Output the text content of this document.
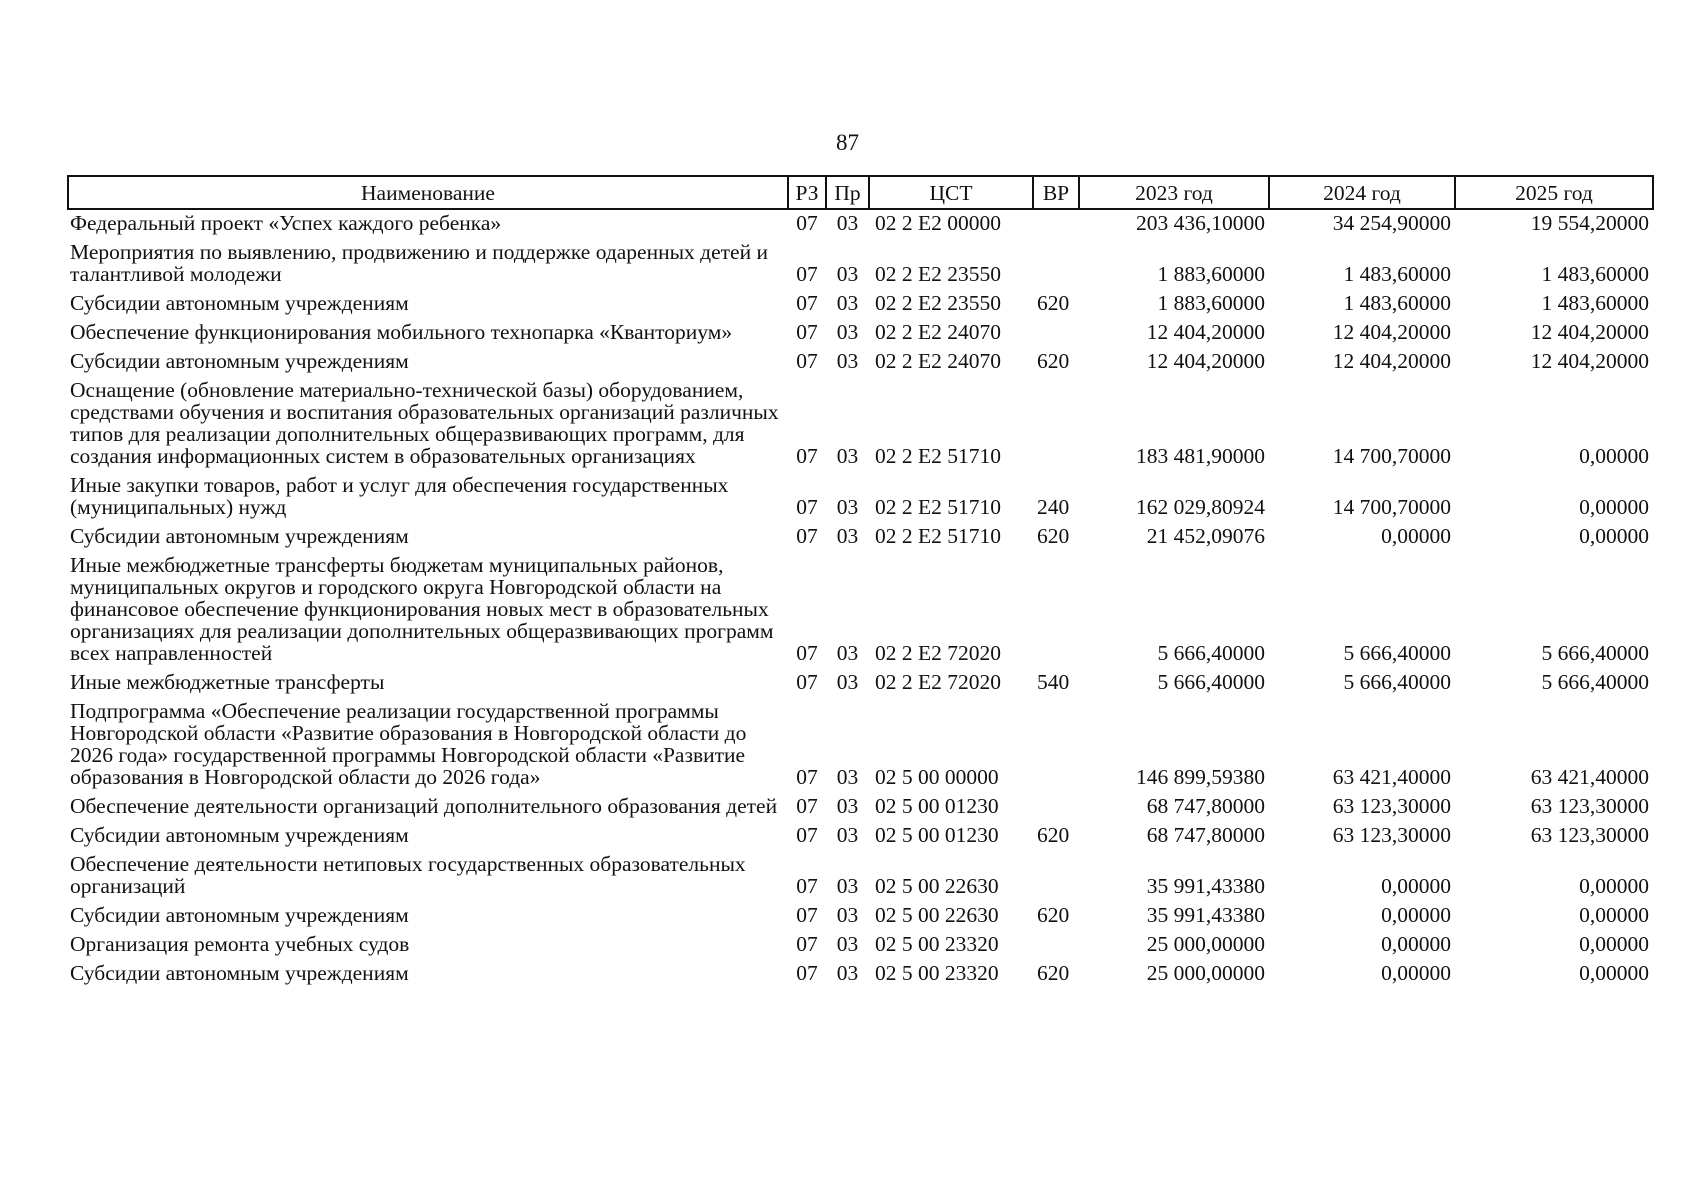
87
Наименование	РЗ	Пр	ЦСТ	ВР	2023 год	2024 год	2025 год
Федеральный проект «Успех каждого ребенка»	07	03	02 2 E2 00000		203 436,10000	34 254,90000	19 554,20000
Мероприятия по выявлению, продвижению и поддержке одаренных детей и талантливой молодежи	07	03	02 2 E2 23550		1 883,60000	1 483,60000	1 483,60000
Субсидии автономным учреждениям	07	03	02 2 E2 23550	620	1 883,60000	1 483,60000	1 483,60000
Обеспечение функционирования мобильного технопарка «Кванториум»	07	03	02 2 E2 24070		12 404,20000	12 404,20000	12 404,20000
Субсидии автономным учреждениям	07	03	02 2 E2 24070	620	12 404,20000	12 404,20000	12 404,20000
Оснащение (обновление материально-технической базы) оборудованием, средствами обучения и воспитания образовательных организаций различных типов для реализации дополнительных общеразвивающих программ, для создания информационных систем в образовательных организациях	07	03	02 2 E2 51710		183 481,90000	14 700,70000	0,00000
Иные закупки товаров, работ и услуг для обеспечения государственных (муниципальных) нужд	07	03	02 2 E2 51710	240	162 029,80924	14 700,70000	0,00000
Субсидии автономным учреждениям	07	03	02 2 E2 51710	620	21 452,09076	0,00000	0,00000
Иные межбюджетные трансферты бюджетам муниципальных районов, муниципальных округов и городского округа Новгородской области на финансовое обеспечение функционирования новых мест в образовательных организациях для реализации дополнительных общеразвивающих программ всех направленностей	07	03	02 2 E2 72020		5 666,40000	5 666,40000	5 666,40000
Иные межбюджетные трансферты	07	03	02 2 E2 72020	540	5 666,40000	5 666,40000	5 666,40000
Подпрограмма «Обеспечение реализации государственной программы Новгородской области «Развитие образования в Новгородской области до 2026 года» государственной программы Новгородской области «Развитие образования в Новгородской области до 2026 года»	07	03	02 5 00 00000		146 899,59380	63 421,40000	63 421,40000
Обеспечение деятельности организаций дополнительного образования детей	07	03	02 5 00 01230		68 747,80000	63 123,30000	63 123,30000
Субсидии автономным учреждениям	07	03	02 5 00 01230	620	68 747,80000	63 123,30000	63 123,30000
Обеспечение деятельности нетиповых государственных образовательных организаций	07	03	02 5 00 22630		35 991,43380	0,00000	0,00000
Субсидии автономным учреждениям	07	03	02 5 00 22630	620	35 991,43380	0,00000	0,00000
Организация ремонта учебных судов	07	03	02 5 00 23320		25 000,00000	0,00000	0,00000
Субсидии автономным учреждениям	07	03	02 5 00 23320	620	25 000,00000	0,00000	0,00000
